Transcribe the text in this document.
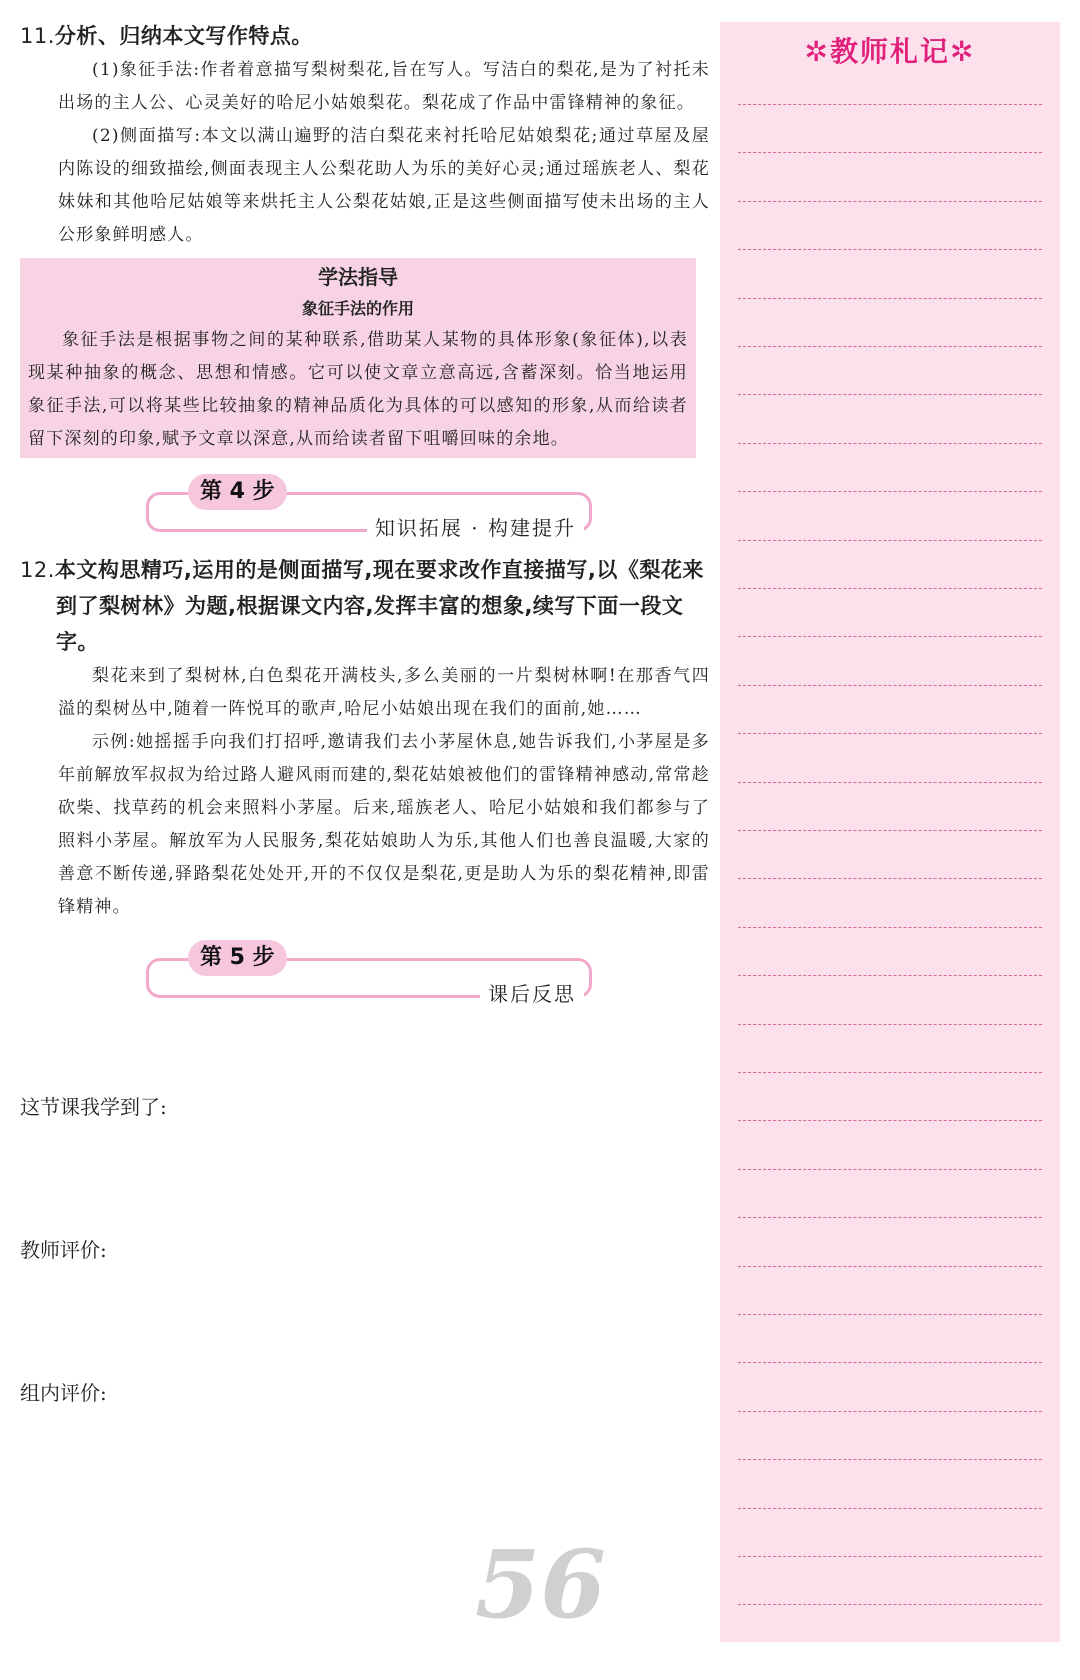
11.分析、归纳本文写作特点。

(1)象征手法:作者着意描写梨树梨花,旨在写人。写洁白的梨花,是为了衬托未出场的主人公、心灵美好的哈尼小姑娘梨花。梨花成了作品中雷锋精神的象征。

(2)侧面描写:本文以满山遍野的洁白梨花来衬托哈尼姑娘梨花;通过草屋及屋内陈设的细致描绘,侧面表现主人公梨花助人为乐的美好心灵;通过瑶族老人、梨花妹妹和其他哈尼姑娘等来烘托主人公梨花姑娘,正是这些侧面描写使未出场的主人公形象鲜明感人。

学法指导
象征手法的作用

象征手法是根据事物之间的某种联系,借助某人某物的具体形象(象征体),以表现某种抽象的概念、思想和情感。它可以使文章立意高远,含蓄深刻。恰当地运用象征手法,可以将某些比较抽象的精神品质化为具体的可以感知的形象,从而给读者留下深刻的印象,赋予文章以深意,从而给读者留下咀嚼回味的余地。

第 4 步
知识拓展 · 构建提升
12.本文构思精巧,运用的是侧面描写,现在要求改作直接描写,以《梨花来到了梨树林》为题,根据课文内容,发挥丰富的想象,续写下面一段文字。

梨花来到了梨树林,白色梨花开满枝头,多么美丽的一片梨树林啊!在那香气四溢的梨树丛中,随着一阵悦耳的歌声,哈尼小姑娘出现在我们的面前,她……

示例:她摇摇手向我们打招呼,邀请我们去小茅屋休息,她告诉我们,小茅屋是多年前解放军叔叔为给过路人避风雨而建的,梨花姑娘被他们的雷锋精神感动,常常趁砍柴、找草药的机会来照料小茅屋。后来,瑶族老人、哈尼小姑娘和我们都参与了照料小茅屋。解放军为人民服务,梨花姑娘助人为乐,其他人们也善良温暖,大家的善意不断传递,驿路梨花处处开,开的不仅仅是梨花,更是助人为乐的梨花精神,即雷锋精神。

第 5 步
课后反思
这节课我学到了:
教师评价:
组内评价:
56
✲教师札记✲
